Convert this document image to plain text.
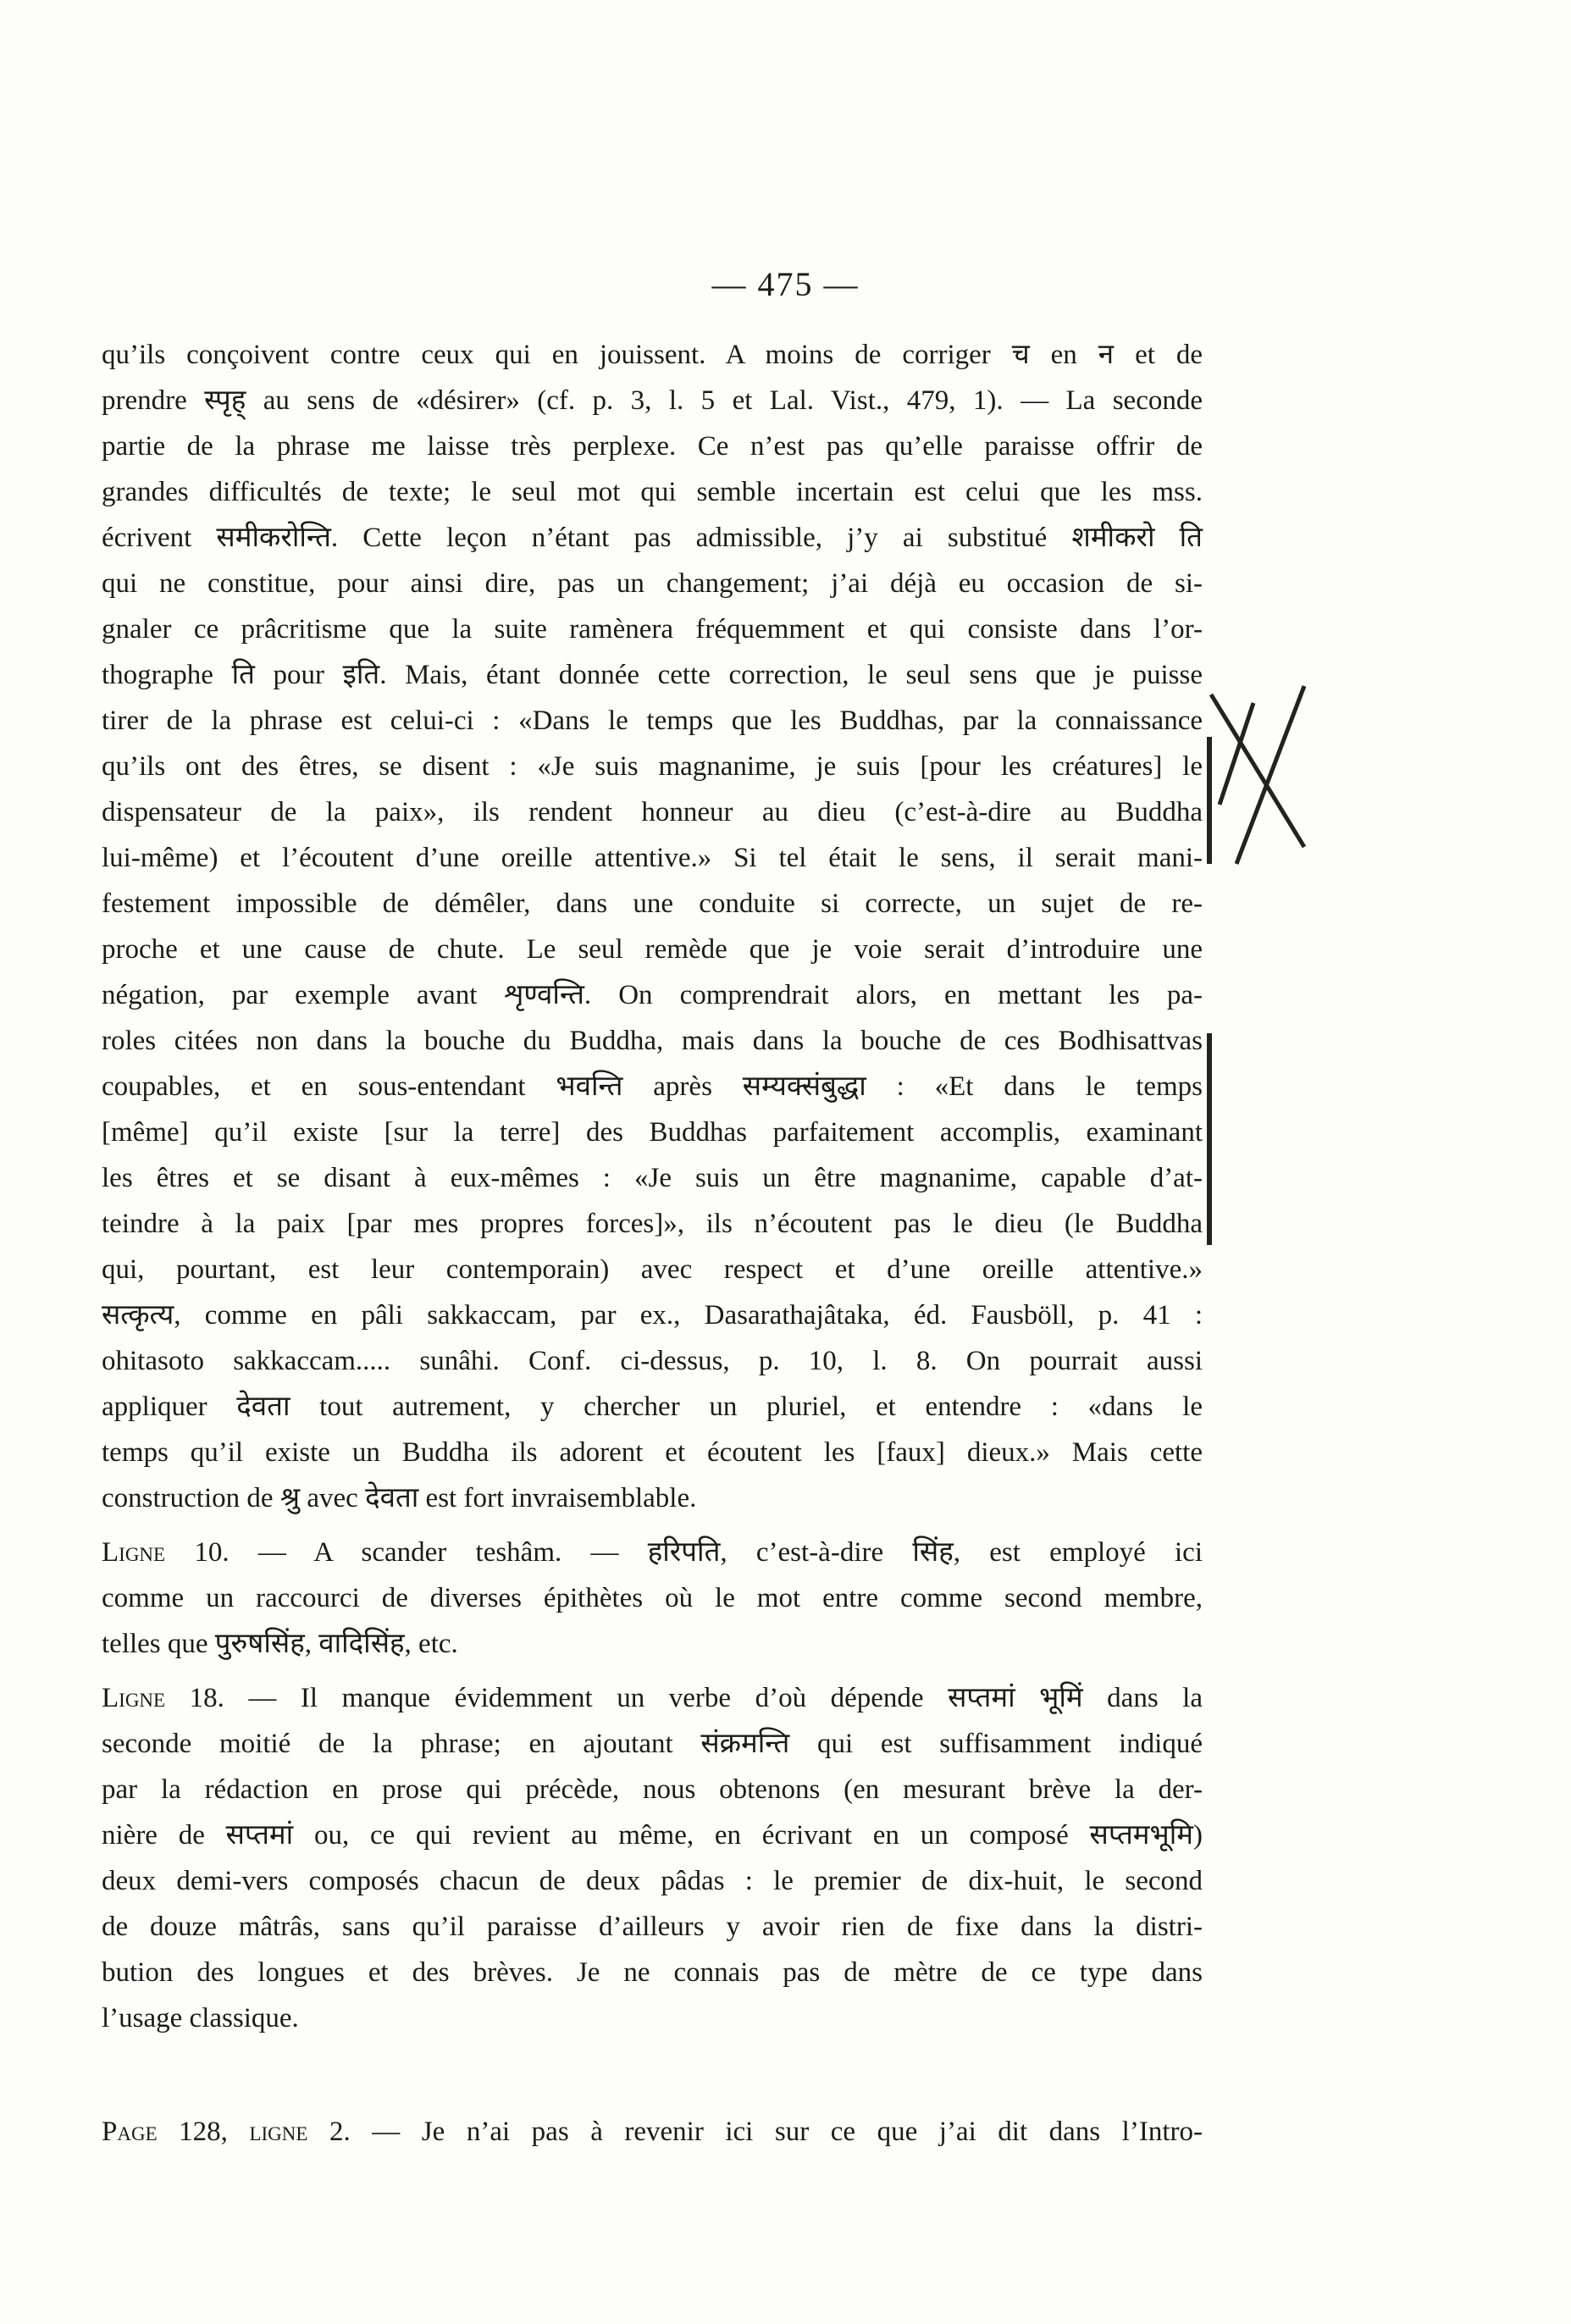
— 475 —
qu’ils conçoivent contre ceux qui en jouissent. A moins de corriger च en न et de
prendre स्पृह् au sens de «désirer» (cf. p. 3, l. 5 et Lal. Vist., 479, 1). — La seconde
partie de la phrase me laisse très perplexe. Ce n’est pas qu’elle paraisse offrir de
grandes difficultés de texte; le seul mot qui semble incertain est celui que les mss.
écrivent समीकरोन्ति. Cette leçon n’étant pas admissible, j’y ai substitué शमीकरो ति
qui ne constitue, pour ainsi dire, pas un changement; j’ai déjà eu occasion de si-
gnaler ce prâcritisme que la suite ramènera fréquemment et qui consiste dans l’or-
thographe ति pour इति. Mais, étant donnée cette correction, le seul sens que je puisse
tirer de la phrase est celui-ci : «Dans le temps que les Buddhas, par la connaissance
qu’ils ont des êtres, se disent : «Je suis magnanime, je suis [pour les créatures] le
dispensateur de la paix», ils rendent honneur au dieu (c’est-à-dire au Buddha
lui-même) et l’écoutent d’une oreille attentive.» Si tel était le sens, il serait mani-
festement impossible de démêler, dans une conduite si correcte, un sujet de re-
proche et une cause de chute. Le seul remède que je voie serait d’introduire une
négation, par exemple avant शृण्वन्ति. On comprendrait alors, en mettant les pa-
roles citées non dans la bouche du Buddha, mais dans la bouche de ces Bodhisattvas
coupables, et en sous-entendant भवन्ति après सम्यक्संबुद्धा : «Et dans le temps
[même] qu’il existe [sur la terre] des Buddhas parfaitement accomplis, examinant
les êtres et se disant à eux-mêmes : «Je suis un être magnanime, capable d’at-
teindre à la paix [par mes propres forces]», ils n’écoutent pas le dieu (le Buddha
qui, pourtant, est leur contemporain) avec respect et d’une oreille attentive.»
सत्कृत्य, comme en pâli sakkaccam, par ex., Dasarathajâtaka, éd. Fausböll, p. 41 :
ohitasoto sakkaccam..... sunâhi. Conf. ci-dessus, p. 10, l. 8. On pourrait aussi
appliquer देवता tout autrement, y chercher un pluriel, et entendre : «dans le
temps qu’il existe un Buddha ils adorent et écoutent les [faux] dieux.» Mais cette
construction de श्रु avec देवता est fort invraisemblable.
Ligne 10. — A scander teshâm. — हरिपति, c’est-à-dire सिंह, est employé ici
comme un raccourci de diverses épithètes où le mot entre comme second membre,
telles que पुरुषसिंह, वादिसिंह, etc.
Ligne 18. — Il manque évidemment un verbe d’où dépende सप्तमां भूमिं dans la
seconde moitié de la phrase; en ajoutant संक्रमन्ति qui est suffisamment indiqué
par la rédaction en prose qui précède, nous obtenons (en mesurant brève la der-
nière de सप्तमां ou, ce qui revient au même, en écrivant en un composé सप्तमभूमि)
deux demi-vers composés chacun de deux pâdas : le premier de dix-huit, le second
de douze mâtrâs, sans qu’il paraisse d’ailleurs y avoir rien de fixe dans la distri-
bution des longues et des brèves. Je ne connais pas de mètre de ce type dans
l’usage classique.
Page 128, ligne 2. — Je n’ai pas à revenir ici sur ce que j’ai dit dans l’Intro-
